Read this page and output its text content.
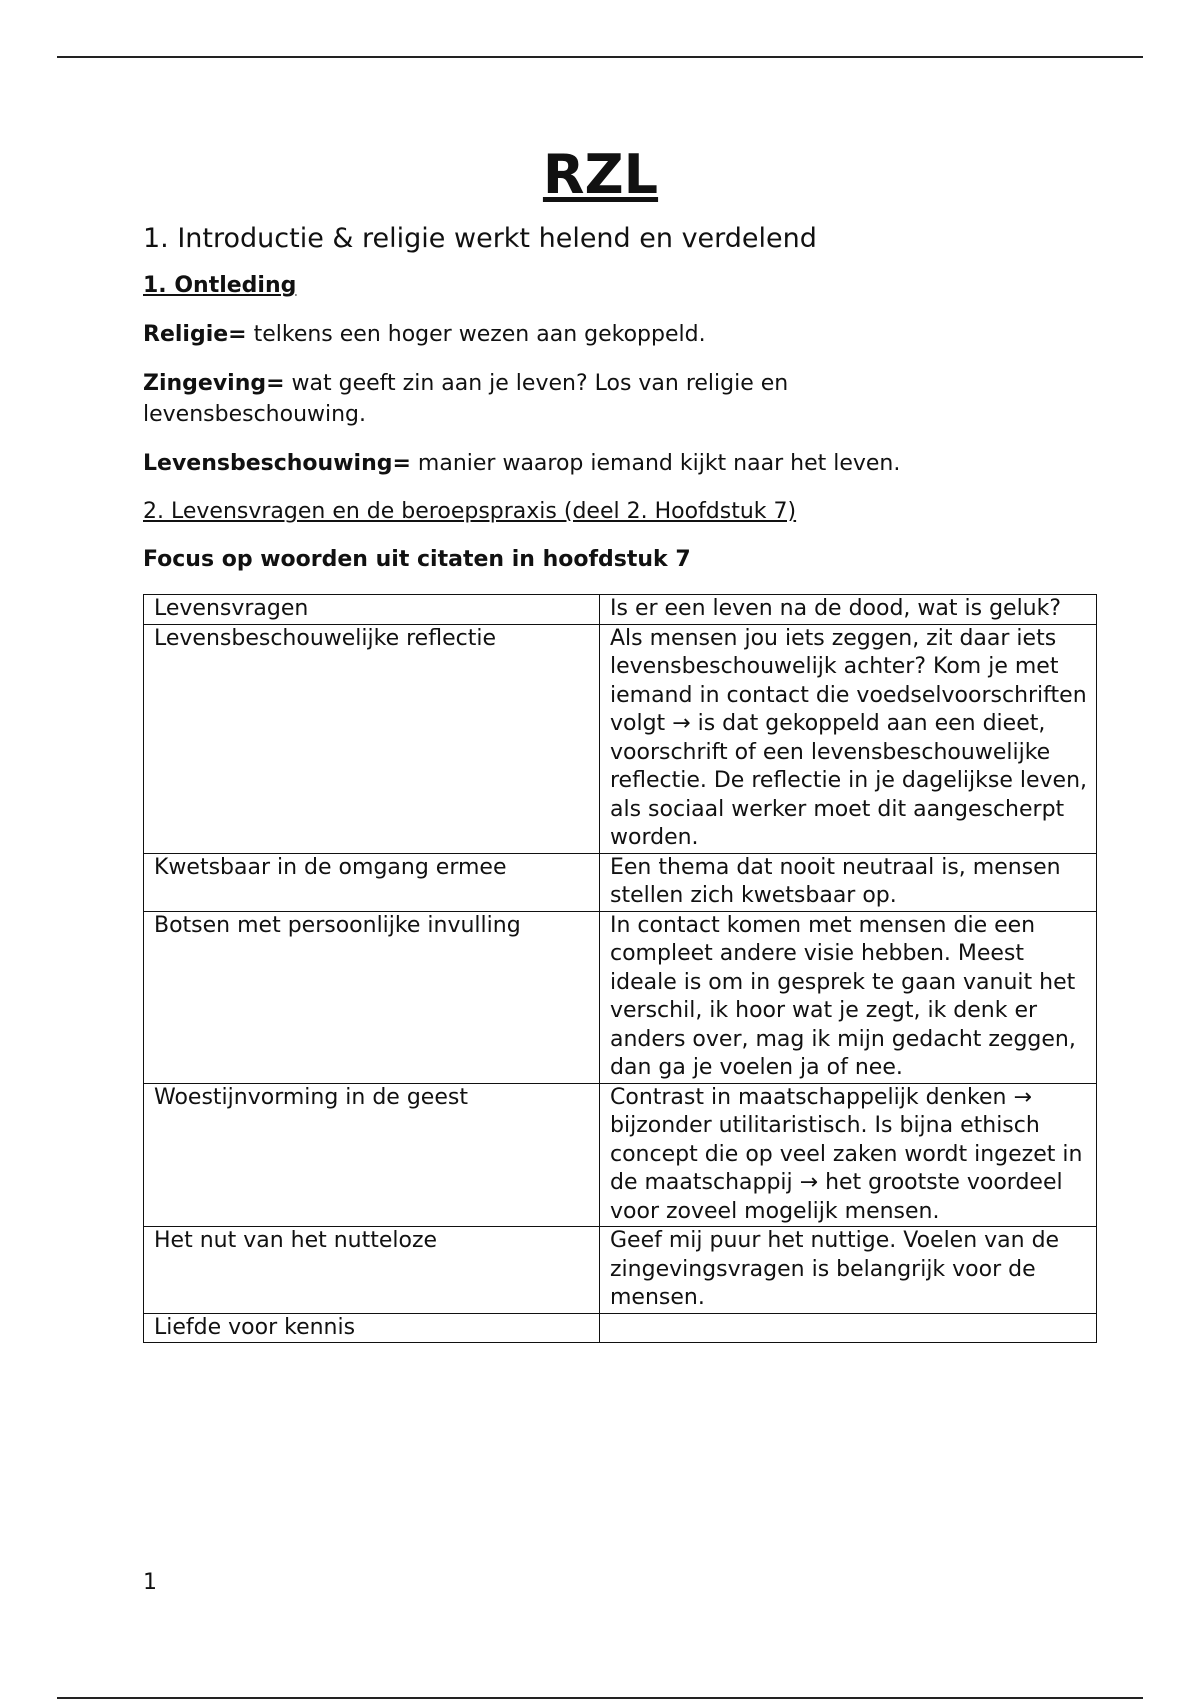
RZL
1. Introductie & religie werkt helend en verdelend
1. Ontleding

Religie= telkens een hoger wezen aan gekoppeld.

Zingeving= wat geeft zin aan je leven? Los van religie en levensbeschouwing.

Levensbeschouwing= manier waarop iemand kijkt naar het leven.

2. Levensvragen en de beroepspraxis (deel 2. Hoofdstuk 7)
Focus op woorden uit citaten in hoofdstuk 7
Levensvragen	Is er een leven na de dood, wat is geluk?
Levensbeschouwelijke reflectie	Als mensen jou iets zeggen, zit daar iets levensbeschouwelijk achter? Kom je met iemand in contact die voedselvoorschriften volgt → is dat gekoppeld aan een dieet, voorschrift of een levensbeschouwelijke reflectie. De reflectie in je dagelijkse leven, als sociaal werker moet dit aangescherpt worden.
Kwetsbaar in de omgang ermee	Een thema dat nooit neutraal is, mensen stellen zich kwetsbaar op.
Botsen met persoonlijke invulling	In contact komen met mensen die een compleet andere visie hebben. Meest ideale is om in gesprek te gaan vanuit het verschil, ik hoor wat je zegt, ik denk er anders over, mag ik mijn gedacht zeggen, dan ga je voelen ja of nee.
Woestijnvorming in de geest	Contrast in maatschappelijk denken → bijzonder utilitaristisch. Is bijna ethisch concept die op veel zaken wordt ingezet in de maatschappij → het grootste voordeel voor zoveel mogelijk mensen.
Het nut van het nutteloze	Geef mij puur het nuttige. Voelen van de zingevingsvragen is belangrijk voor de mensen.
Liefde voor kennis	
1
